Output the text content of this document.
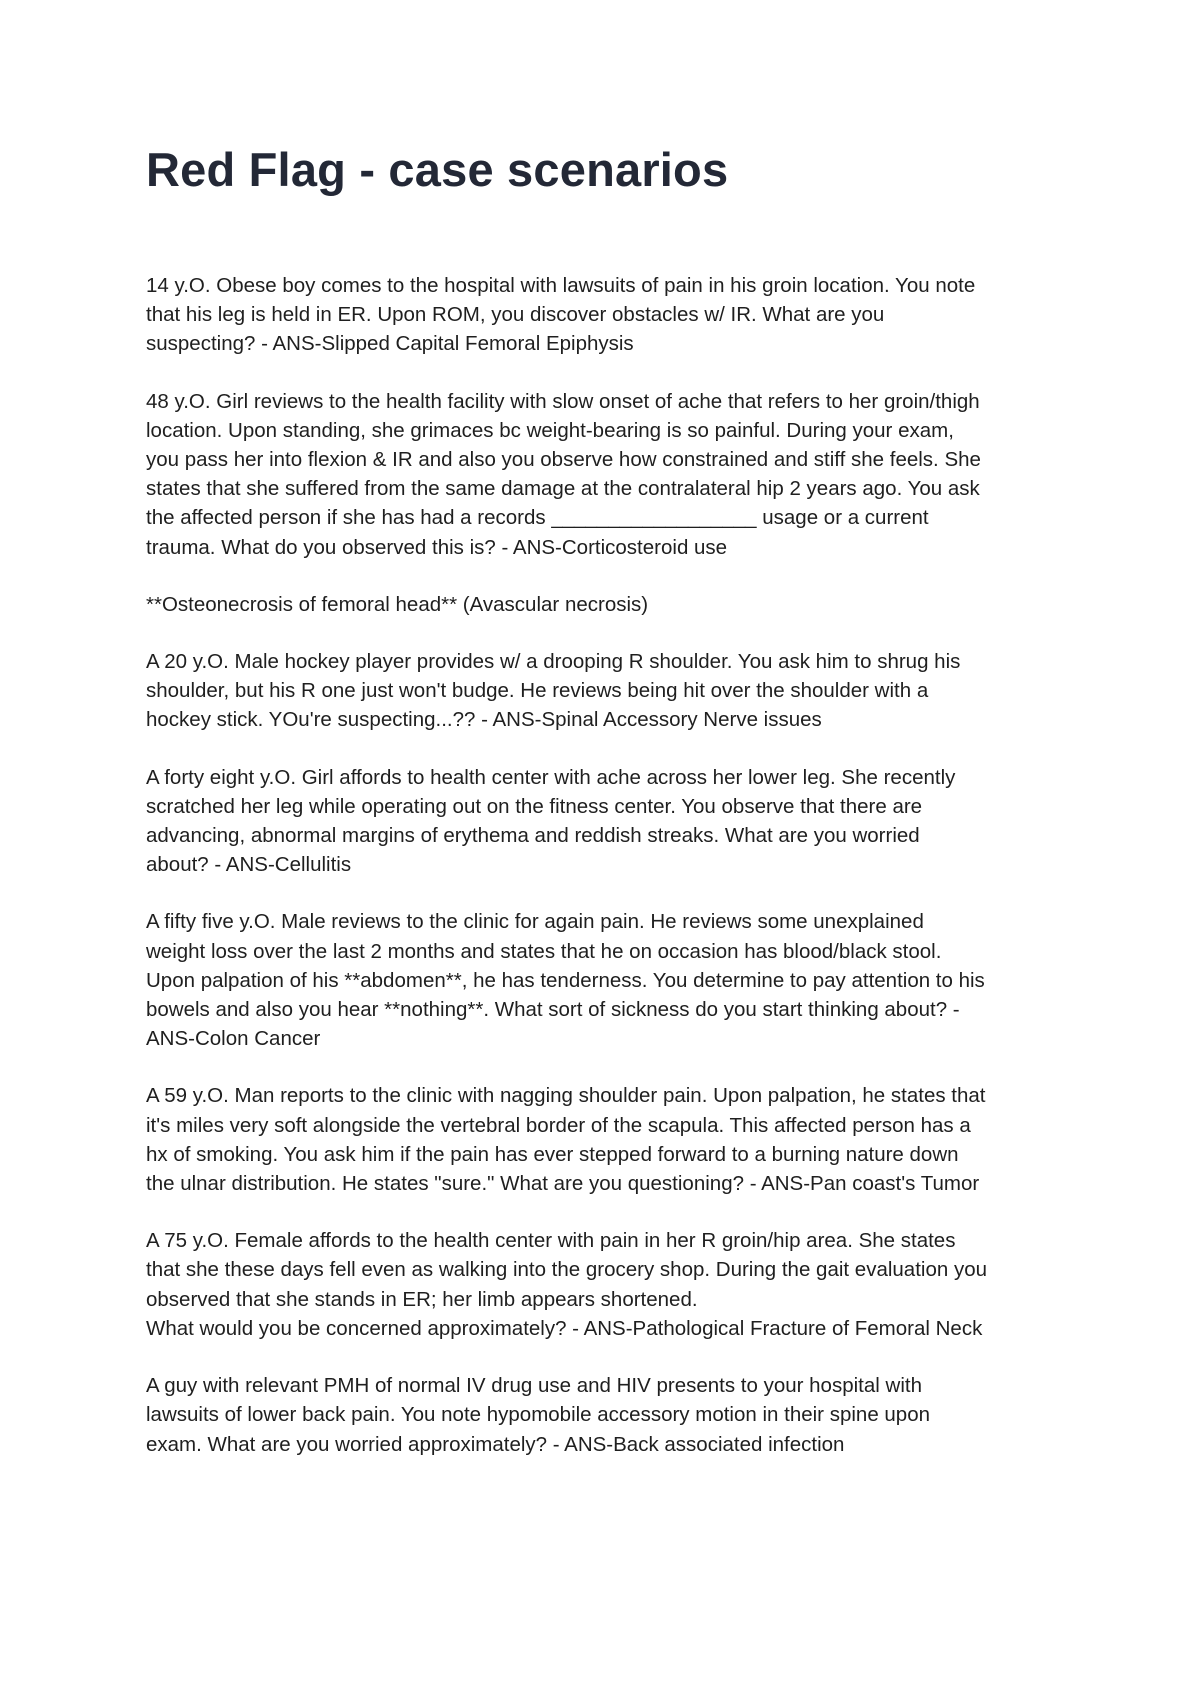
Red Flag - case scenarios

14 y.O. Obese boy comes to the hospital with lawsuits of pain in his groin location. You note
that his leg is held in ER. Upon ROM, you discover obstacles w/ IR. What are you
suspecting? - ANS-Slipped Capital Femoral Epiphysis

48 y.O. Girl reviews to the health facility with slow onset of ache that refers to her groin/thigh
location. Upon standing, she grimaces bc weight-bearing is so painful. During your exam,
you pass her into flexion & IR and also you observe how constrained and stiff she feels. She
states that she suffered from the same damage at the contralateral hip 2 years ago. You ask
the affected person if she has had a records __________________ usage or a current
trauma. What do you observed this is? - ANS-Corticosteroid use

**Osteonecrosis of femoral head** (Avascular necrosis)

A 20 y.O. Male hockey player provides w/ a drooping R shoulder. You ask him to shrug his
shoulder, but his R one just won't budge. He reviews being hit over the shoulder with a
hockey stick. YOu're suspecting...?? - ANS-Spinal Accessory Nerve issues

A forty eight y.O. Girl affords to health center with ache across her lower leg. She recently
scratched her leg while operating out on the fitness center. You observe that there are
advancing, abnormal margins of erythema and reddish streaks. What are you worried
about? - ANS-Cellulitis

A fifty five y.O. Male reviews to the clinic for again pain. He reviews some unexplained
weight loss over the last 2 months and states that he on occasion has blood/black stool.
Upon palpation of his **abdomen**, he has tenderness. You determine to pay attention to his
bowels and also you hear **nothing**. What sort of sickness do you start thinking about? -
ANS-Colon Cancer

A 59 y.O. Man reports to the clinic with nagging shoulder pain. Upon palpation, he states that
it's miles very soft alongside the vertebral border of the scapula. This affected person has a
hx of smoking. You ask him if the pain has ever stepped forward to a burning nature down
the ulnar distribution. He states "sure." What are you questioning? - ANS-Pan coast's Tumor

A 75 y.O. Female affords to the health center with pain in her R groin/hip area. She states
that she these days fell even as walking into the grocery shop. During the gait evaluation you
observed that she stands in ER; her limb appears shortened.
What would you be concerned approximately? - ANS-Pathological Fracture of Femoral Neck

A guy with relevant PMH of normal IV drug use and HIV presents to your hospital with
lawsuits of lower back pain. You note hypomobile accessory motion in their spine upon
exam. What are you worried approximately? - ANS-Back associated infection
